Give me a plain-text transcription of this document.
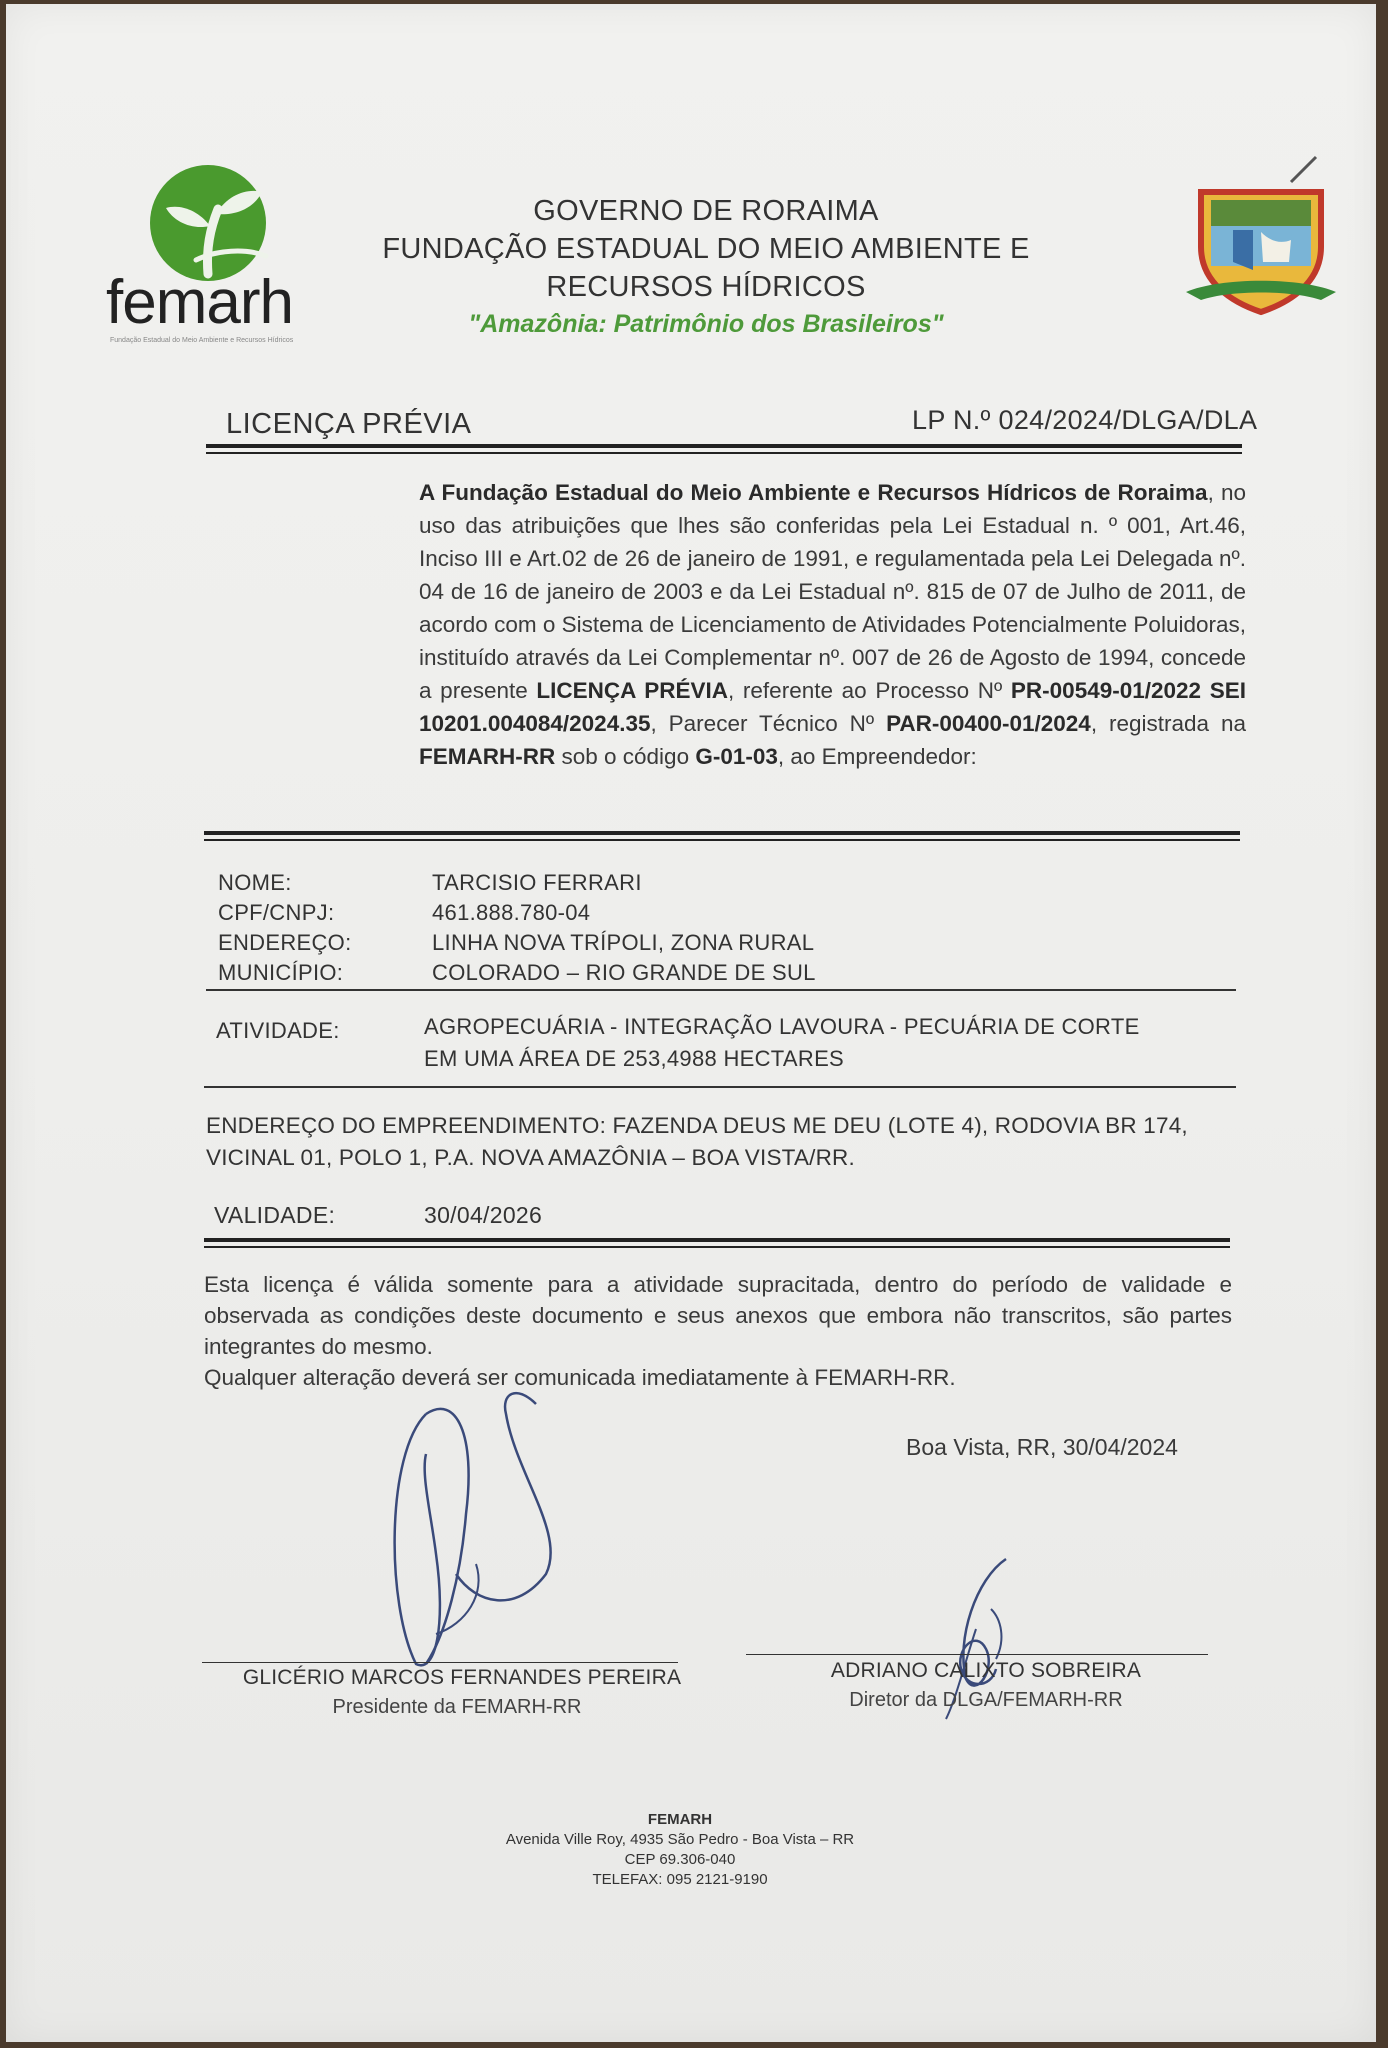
femarh
Fundação Estadual do Meio Ambiente e Recursos Hídricos
GOVERNO DE RORAIMA
FUNDAÇÃO ESTADUAL DO MEIO AMBIENTE E
RECURSOS HÍDRICOS
"Amazônia: Patrimônio dos Brasileiros"
LICENÇA PRÉVIA	LP N.º 024/2024/DLGA/DLA
A Fundação Estadual do Meio Ambiente e Recursos Hídricos de Roraima, no uso das atribuições que lhes são conferidas pela Lei Estadual n. º 001, Art.46, Inciso III e Art.02 de 26 de janeiro de 1991, e regulamentada pela Lei Delegada nº. 04 de 16 de janeiro de 2003 e da Lei Estadual nº. 815 de 07 de Julho de 2011, de acordo com o Sistema de Licenciamento de Atividades Potencialmente Poluidoras, instituído através da Lei Complementar nº. 007 de 26 de Agosto de 1994, concede a presente LICENÇA PRÉVIA, referente ao Processo Nº PR-00549-01/2022 SEI 10201.004084/2024.35, Parecer Técnico Nº PAR-00400-01/2024, registrada na FEMARH-RR sob o código G-01-03, ao Empreendedor:
NOME:	TARCISIO FERRARI
CPF/CNPJ:	461.888.780-04
ENDEREÇO:	LINHA NOVA TRÍPOLI, ZONA RURAL
MUNICÍPIO:	COLORADO – RIO GRANDE DE SUL
ATIVIDADE:	AGROPECUÁRIA - INTEGRAÇÃO LAVOURA - PECUÁRIA DE CORTE
EM UMA ÁREA DE 253,4988 HECTARES
ENDEREÇO DO EMPREENDIMENTO: FAZENDA DEUS ME DEU (LOTE 4), RODOVIA BR 174, VICINAL 01, POLO 1, P.A. NOVA AMAZÔNIA – BOA VISTA/RR.
VALIDADE:	30/04/2026

Esta licença é válida somente para a atividade supracitada, dentro do período de validade e observada as condições deste documento e seus anexos que embora não transcritos, são partes integrantes do mesmo.

Qualquer alteração deverá ser comunicada imediatamente à FEMARH-RR.

Boa Vista, RR, 30/04/2024
GLICÉRIO MARCOS FERNANDES PEREIRA
Presidente da FEMARH-RR
ADRIANO CALIXTO SOBREIRA
Diretor da DLGA/FEMARH-RR
FEMARH
Avenida Ville Roy, 4935 São Pedro - Boa Vista – RR
CEP 69.306-040
TELEFAX: 095 2121-9190
